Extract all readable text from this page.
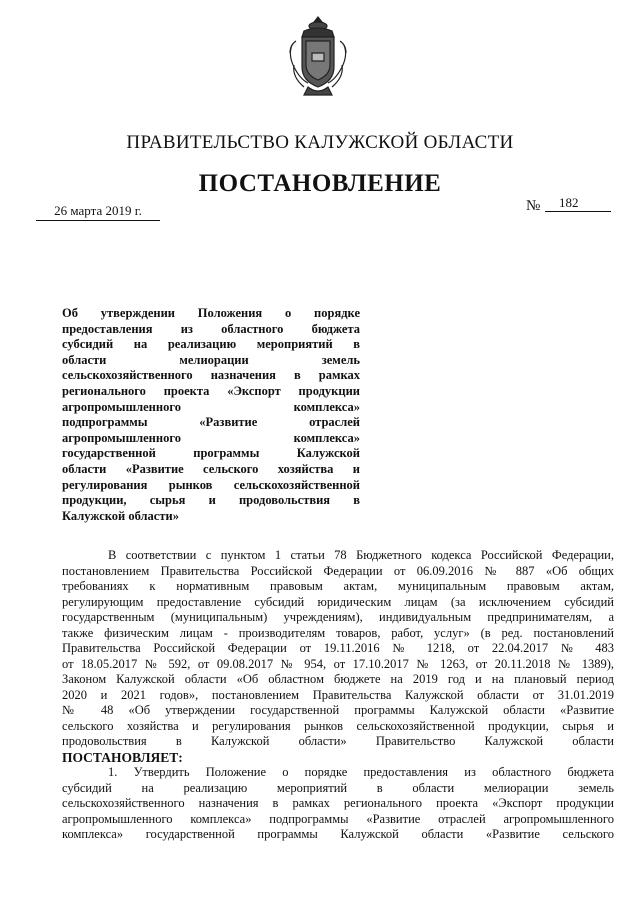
ПРАВИТЕЛЬСТВО КАЛУЖСКОЙ ОБЛАСТИ
ПОСТАНОВЛЕНИЕ
26 марта 2019 г.	№	182
Об утверждении Положения о порядке
предоставления из областного бюджета
субсидий на реализацию мероприятий в
области мелиорации земель
сельскохозяйственного назначения в рамках
регионального проекта «Экспорт продукции
агропромышленного комплекса»
подпрограммы «Развитие отраслей
агропромышленного комплекса»
государственной программы Калужской
области «Развитие сельского хозяйства и
регулирования рынков сельскохозяйственной
продукции, сырья и продовольствия в
Калужской области»
В соответствии с пунктом 1 статьи 78 Бюджетного кодекса Российской Федерации,
постановлением Правительства Российской Федерации от 06.09.2016 № 887 «Об общих
требованиях к нормативным правовым актам, муниципальным правовым актам,
регулирующим предоставление субсидий юридическим лицам (за исключением субсидий
государственным (муниципальным) учреждениям), индивидуальным предпринимателям, а
также физическим лицам - производителям товаров, работ, услуг» (в ред. постановлений
Правительства Российской Федерации от 19.11.2016 № 1218, от 22.04.2017 № 483
от 18.05.2017 № 592, от 09.08.2017 № 954, от 17.10.2017 № 1263, от 20.11.2018 № 1389),
Законом Калужской области «Об областном бюджете на 2019 год и на плановый период
2020 и 2021 годов», постановлением Правительства Калужской области от 31.01.2019
№ 48 «Об утверждении государственной программы Калужской области «Развитие
сельского хозяйства и регулирования рынков сельскохозяйственной продукции, сырья и
продовольствия в Калужской области» Правительство Калужской области
ПОСТАНОВЛЯЕТ:
1. Утвердить Положение о порядке предоставления из областного бюджета
субсидий на реализацию мероприятий в области мелиорации земель
сельскохозяйственного назначения в рамках регионального проекта «Экспорт продукции
агропромышленного комплекса» подпрограммы «Развитие отраслей агропромышленного
комплекса» государственной программы Калужской области «Развитие сельского
